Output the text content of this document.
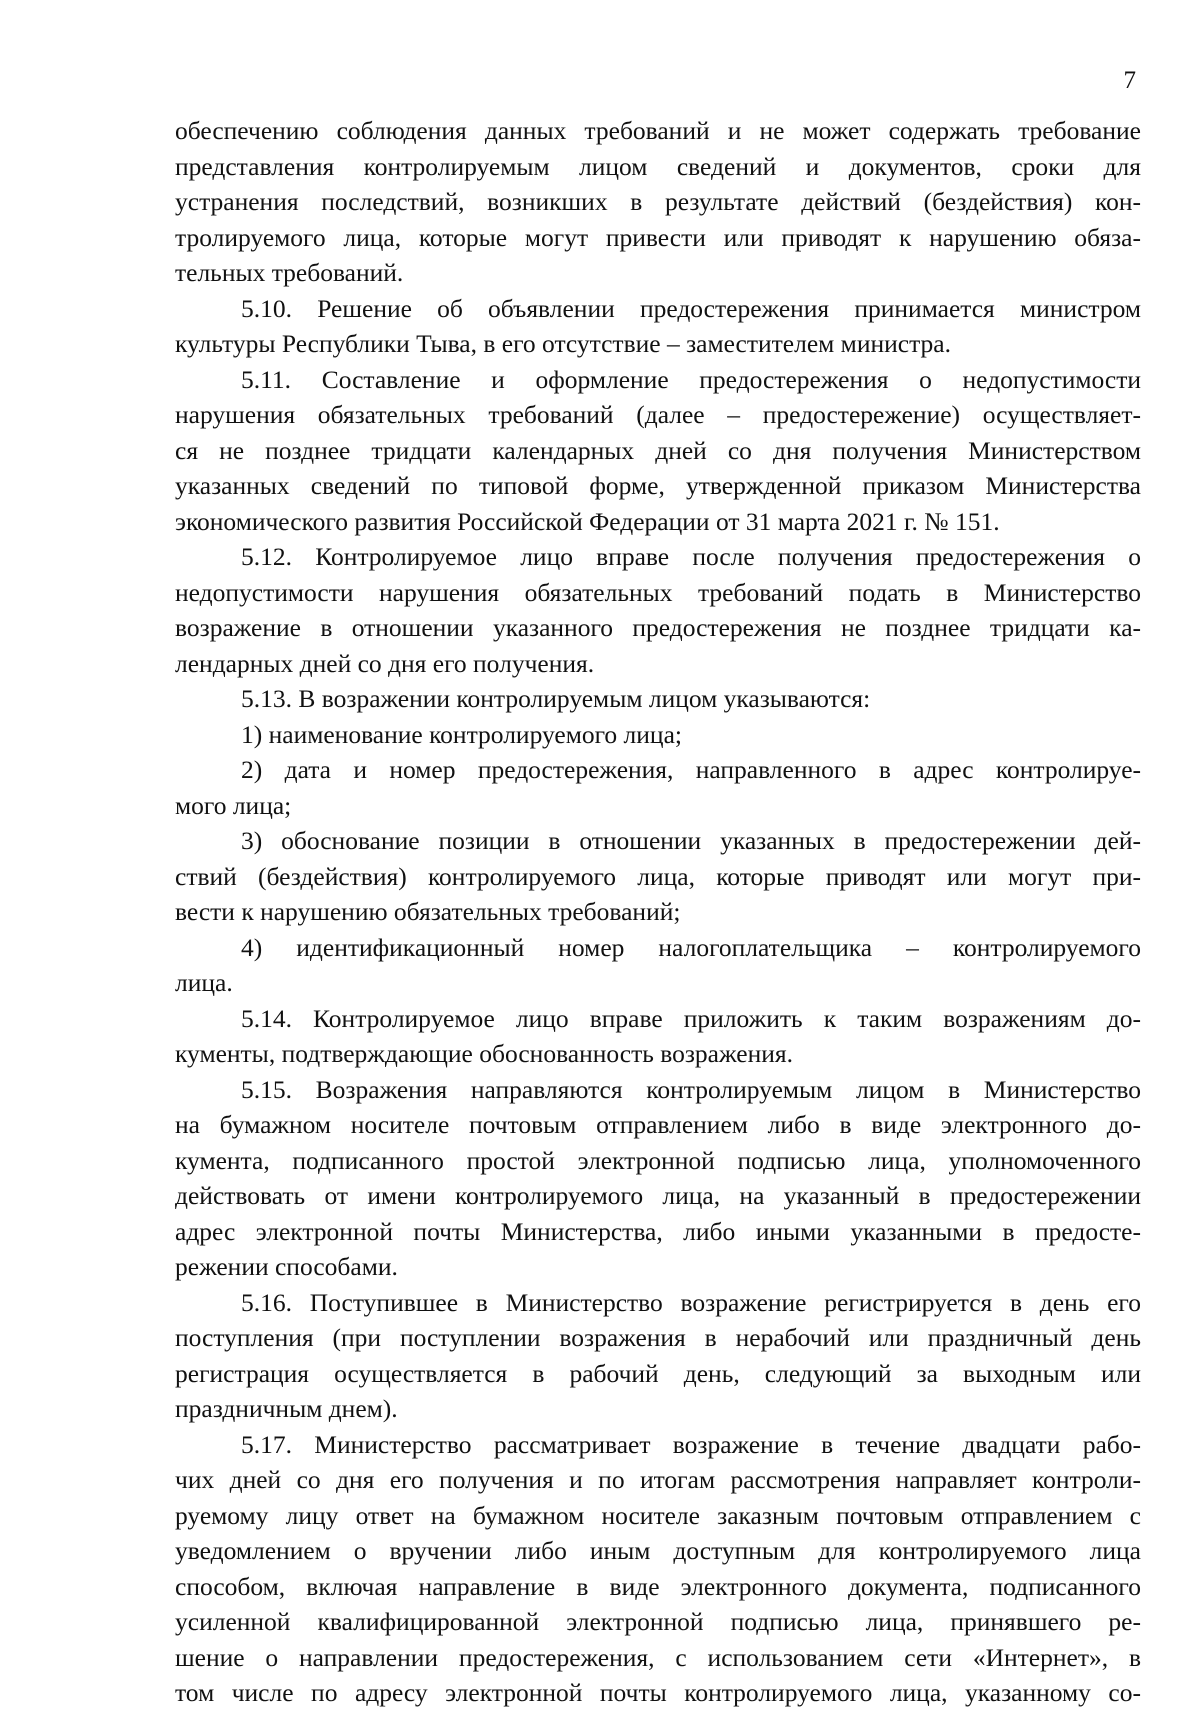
7
обеспечению соблюдения данных требований и не может содержать требование
представления контролируемым лицом сведений и документов, сроки для
устранения последствий, возникших в результате действий (бездействия) кон-
тролируемого лица, которые могут привести или приводят к нарушению обяза-
тельных требований.
5.10. Решение об объявлении предостережения принимается министром
культуры Республики Тыва, в его отсутствие – заместителем министра.
5.11. Составление и оформление предостережения о недопустимости
нарушения обязательных требований (далее – предостережение) осуществляет-
ся не позднее тридцати календарных дней со дня получения Министерством
указанных сведений по типовой форме, утвержденной приказом Министерства
экономического развития Российской Федерации от 31 марта 2021 г. № 151.
5.12. Контролируемое лицо вправе после получения предостережения о
недопустимости нарушения обязательных требований подать в Министерство
возражение в отношении указанного предостережения не позднее тридцати ка-
лендарных дней со дня его получения.
5.13. В возражении контролируемым лицом указываются:
1) наименование контролируемого лица;
2) дата и номер предостережения, направленного в адрес контролируе-
мого лица;
3) обоснование позиции в отношении указанных в предостережении дей-
ствий (бездействия) контролируемого лица, которые приводят или могут при-
вести к нарушению обязательных требований;
4) идентификационный номер налогоплательщика – контролируемого
лица.
5.14. Контролируемое лицо вправе приложить к таким возражениям до-
кументы, подтверждающие обоснованность возражения.
5.15. Возражения направляются контролируемым лицом в Министерство
на бумажном носителе почтовым отправлением либо в виде электронного до-
кумента, подписанного простой электронной подписью лица, уполномоченного
действовать от имени контролируемого лица, на указанный в предостережении
адрес электронной почты Министерства, либо иными указанными в предосте-
режении способами.
5.16. Поступившее в Министерство возражение регистрируется в день его
поступления (при поступлении возражения в нерабочий или праздничный день
регистрация осуществляется в рабочий день, следующий за выходным или
праздничным днем).
5.17. Министерство рассматривает возражение в течение двадцати рабо-
чих дней со дня его получения и по итогам рассмотрения направляет контроли-
руемому лицу ответ на бумажном носителе заказным почтовым отправлением с
уведомлением о вручении либо иным доступным для контролируемого лица
способом, включая направление в виде электронного документа, подписанного
усиленной квалифицированной электронной подписью лица, принявшего ре-
шение о направлении предостережения, с использованием сети «Интернет», в
том числе по адресу электронной почты контролируемого лица, указанному со-
